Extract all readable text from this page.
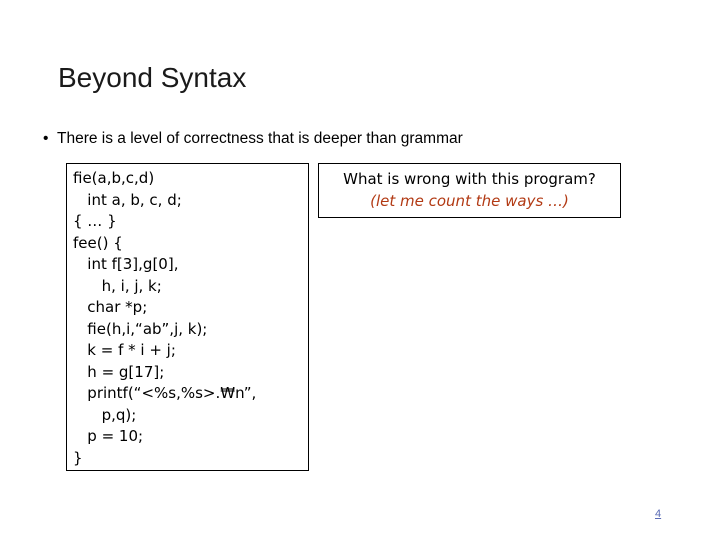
Beyond Syntax
• There is a level of correctness that is deeper than grammar
fie(a,b,c,d)
int a, b, c, d;
{ … }
fee() {
int f[3],g[0],
h, i, j, k;
char *p;
fie(h,i,“ab”,j, k);
k = f * i + j;
h = g[17];
printf(“<%s,%s>.₩n”,
p,q);
p = 10;
}
What is wrong with this program?
(let me count the ways …)
4
